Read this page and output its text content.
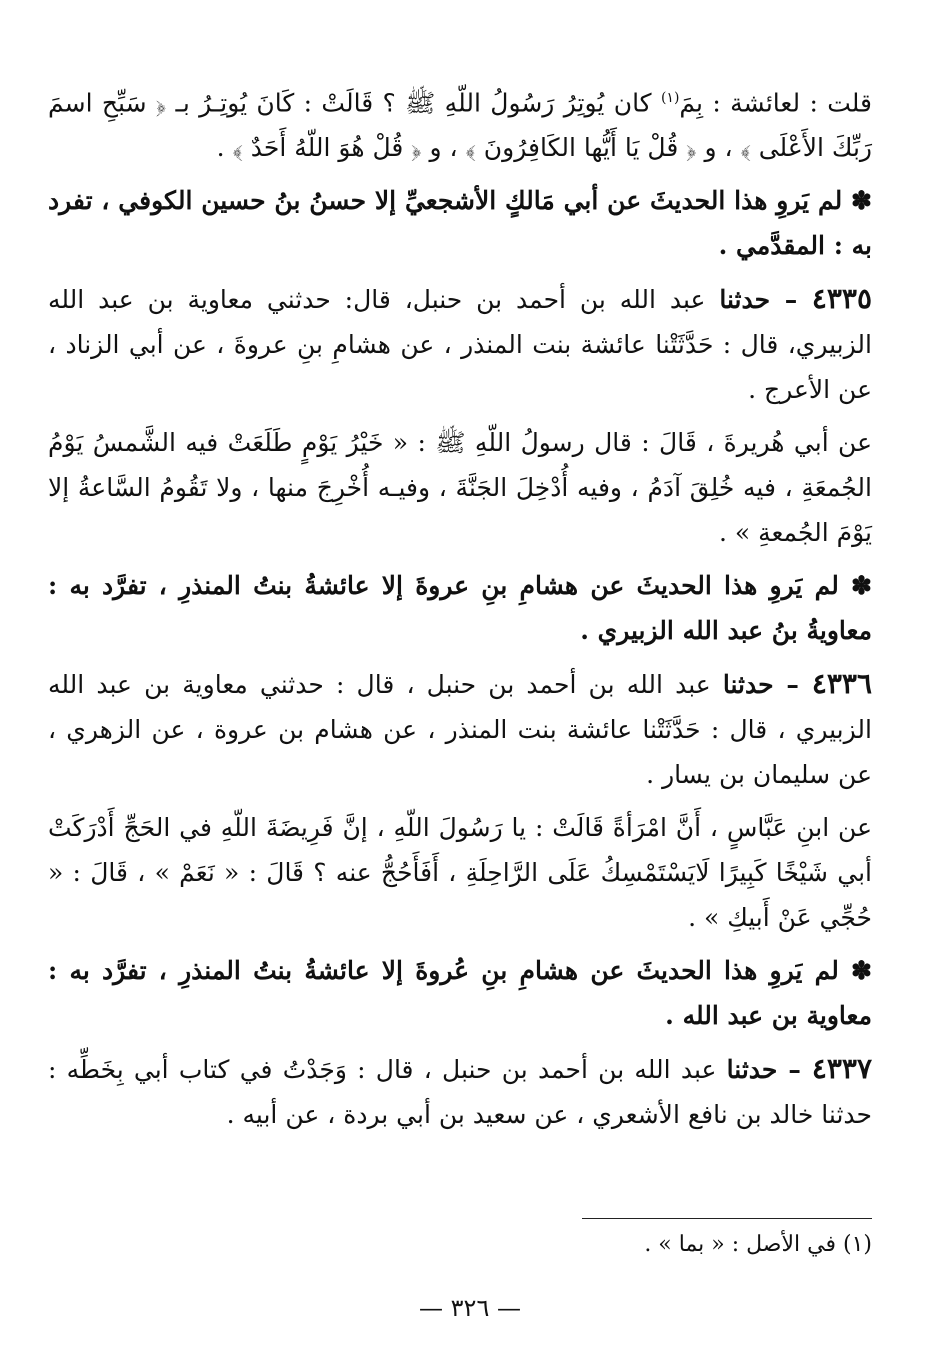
قلت : لعائشة : بِمَ$^{(١)}$ كان يُوتِرُ رَسُولُ اللّهِ ﷺ ؟ قَالَتْ : كَانَ يُوتِـرُ بـ ﴿ سَبِّحِ اسمَ رَبِّكَ الأَعْلَى ﴾ ، و ﴿ قُلْ يَا أَيُّها الكَافِرُونَ ﴾ ، و ﴿ قُلْ هُوَ اللّهُ أَحَدٌ ﴾ .

✽ لم يَروِ هذا الحديثَ عن أبي مَالكٍ الأشجعيِّ إلا حسنُ بنُ حسين الكوفي ، تفرد به : المقدَّمي .

٤٣٣٥ – حدثنا عبد الله بن أحمد بن حنبل، قال: حدثني معاوية بن عبد الله الزبيري، قال : حَدَّثَتْنا عائشة بنت المنذر ، عن هشامِ بنِ عروةَ ، عن أبي الزناد ، عن الأعرج .

عن أبي هُريرةَ ، قَالَ : قال رسولُ اللّهِ ﷺ : « خَيْرُ يَوْمٍ طَلَعَتْ فيه الشَّمسُ يَوْمُ الجُمعَةِ ، فيه خُلِقَ آدَمُ ، وفيه أُدْخِلَ الجَنَّةَ ، وفيـه أُخْرِجَ منها ، ولا تَقُومُ السَّاعةُ إلا يَوْمَ الجُمعةِ » .

✽ لم يَروِ هذا الحديثَ عن هشامِ بنِ عروةَ إلا عائشةُ بنتُ المنذرِ ، تفرَّد به : معاويةُ بنُ عبد الله الزبيري .

٤٣٣٦ – حدثنا عبد الله بن أحمد بن حنبل ، قال : حدثني معاوية بن عبد الله الزبيري ، قال : حَدَّثَتْنا عائشة بنت المنذر ، عن هشام بن عروة ، عن الزهري ، عن سليمان بن يسار .

عن ابنِ عَبَّاسٍ ، أَنَّ امْرَأةً قَالَتْ : يا رَسُولَ اللّهِ ، إنَّ فَرِيضَةَ اللّهِ في الحَجِّ أَدْرَكَتْ أبي شَيْخًا كَبِيرًا لَايَسْتَمْسِكُ عَلَى الرَّاحِلَةِ ، أَفَأَحُجُّ عنه ؟ قَالَ : « نَعَمْ » ، قَالَ : « حُجِّي عَنْ أَبيكِ » .

✽ لم يَروِ هذا الحديثَ عن هشامِ بنِ عُروةَ إلا عائشةُ بنتُ المنذرِ ، تفرَّد به : معاوية بن عبد الله .

٤٣٣٧ – حدثنا عبد الله بن أحمد بن حنبل ، قال : وَجَدْتُ في كتاب أبي بِخَطِّه : حدثنا خالد بن نافع الأشعري ، عن سعيد بن أبي بردة ، عن أبيه .

(١) في الأصل : « بما » .
— ٣٢٦ —
